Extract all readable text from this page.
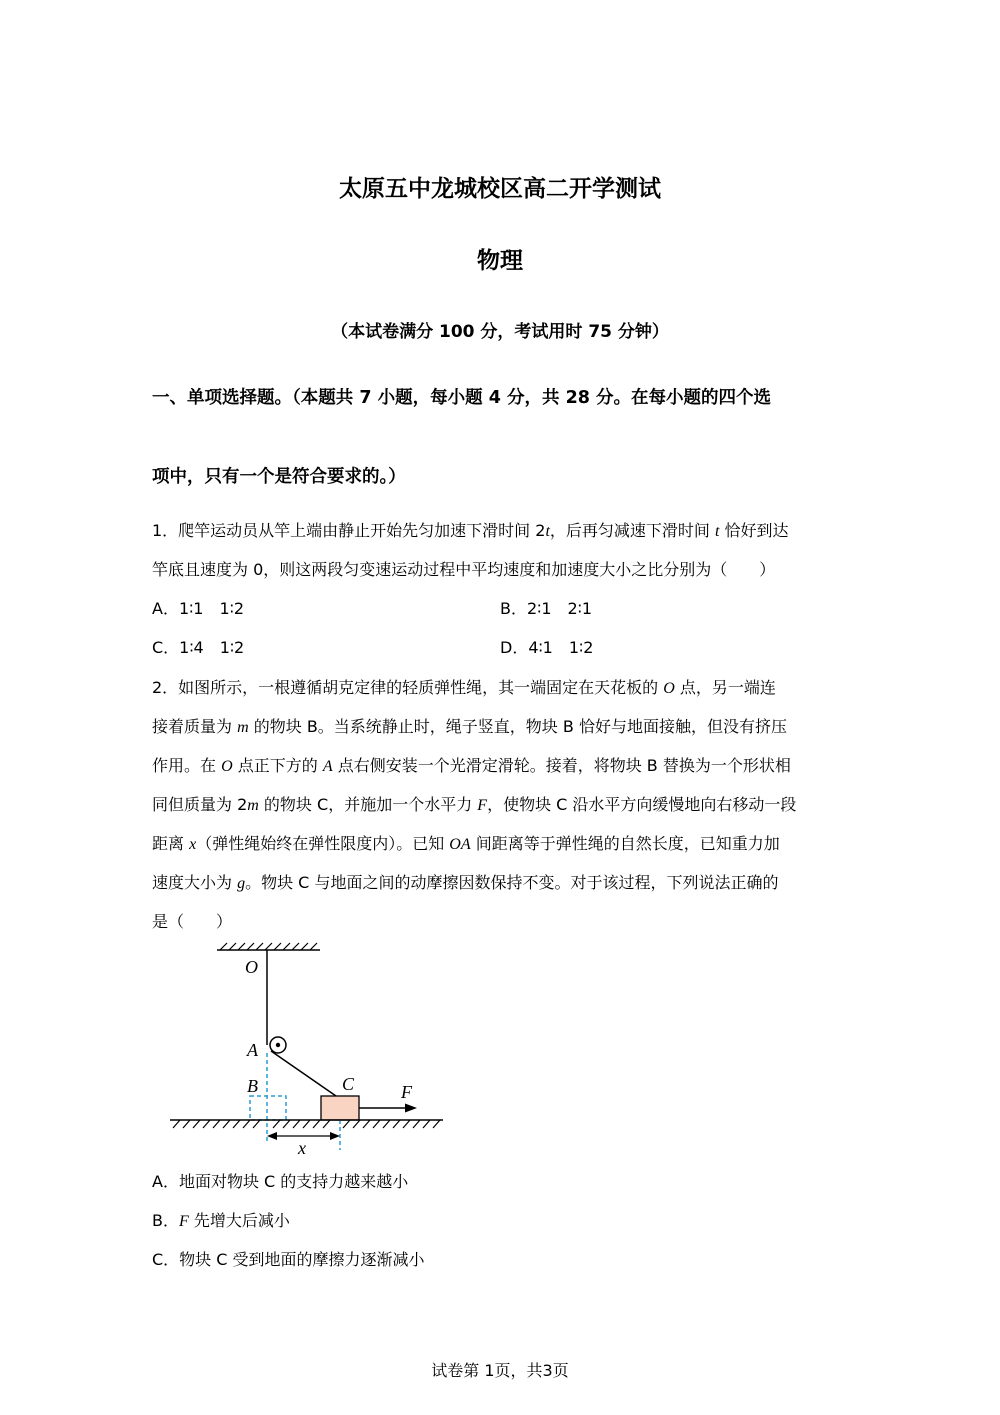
太原五中龙城校区高二开学测试
物理
（本试卷满分 100 分，考试用时 75 分钟）
一、单项选择题。（本题共 7 小题，每小题 4 分，共 28 分。在每小题的四个选
项中，只有一个是符合要求的。）
1．爬竿运动员从竿上端由静止开始先匀加速下滑时间 2t，后再匀减速下滑时间 t 恰好到达
竿底且速度为 0，则这两段匀变速运动过程中平均速度和加速度大小之比分别为（　　）
A．1∶1　1∶2	B．2∶1　2∶1
C．1∶4　1∶2	D．4∶1　1∶2
2．如图所示，一根遵循胡克定律的轻质弹性绳，其一端固定在天花板的 O 点，另一端连
接着质量为 m 的物块 B。当系统静止时，绳子竖直，物块 B 恰好与地面接触，但没有挤压
作用。在 O 点正下方的 A 点右侧安装一个光滑定滑轮。接着，将物块 B 替换为一个形状相
同但质量为 2m 的物块 C，并施加一个水平力 F，使物块 C 沿水平方向缓慢地向右移动一段
距离 x（弹性绳始终在弹性限度内）。已知 OA 间距离等于弹性绳的自然长度，已知重力加
速度大小为 g。物块 C 与地面之间的动摩擦因数保持不变。对于该过程，下列说法正确的
是（　　）
O
A
B	C	F
x
A．地面对物块 C 的支持力越来越小
B．F 先增大后减小
C．物块 C 受到地面的摩擦力逐渐减小
试卷第 1页，共3页
